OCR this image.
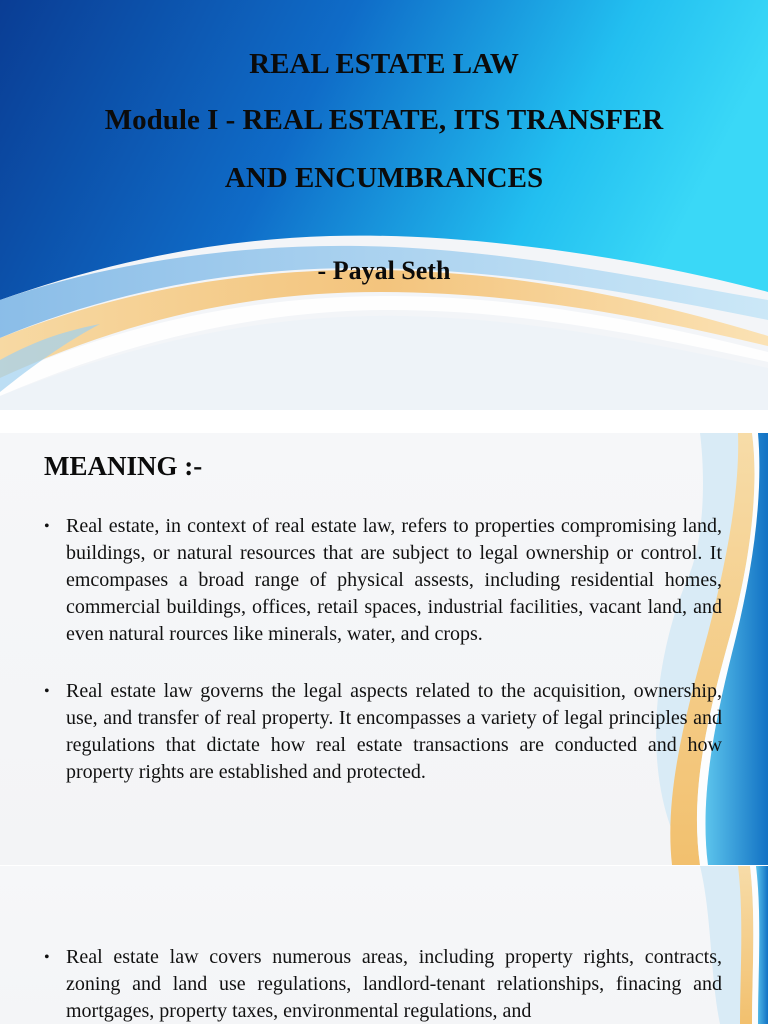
REAL ESTATE LAW
Module I - REAL ESTATE, ITS TRANSFER
AND ENCUMBRANCES
- Payal Seth
MEANING :-
• Real estate, in context of real estate law, refers to properties compromising land, buildings, or natural resources that are subject to legal ownership or control. It emcompases a broad range of physical assests, including residential homes, commercial buildings, offices, retail spaces, industrial facilities, vacant land, and even natural rources like minerals, water, and crops.
• Real estate law governs the legal aspects related to the acquisition, ownership, use, and transfer of real property. It encompasses a variety of legal principles and regulations that dictate how real estate transactions are conducted and how property rights are established and protected.
• Real estate law covers numerous areas, including property rights, contracts, zoning and land use regulations, landlord-tenant relationships, finacing and mortgages, property taxes, environmental regulations, and
